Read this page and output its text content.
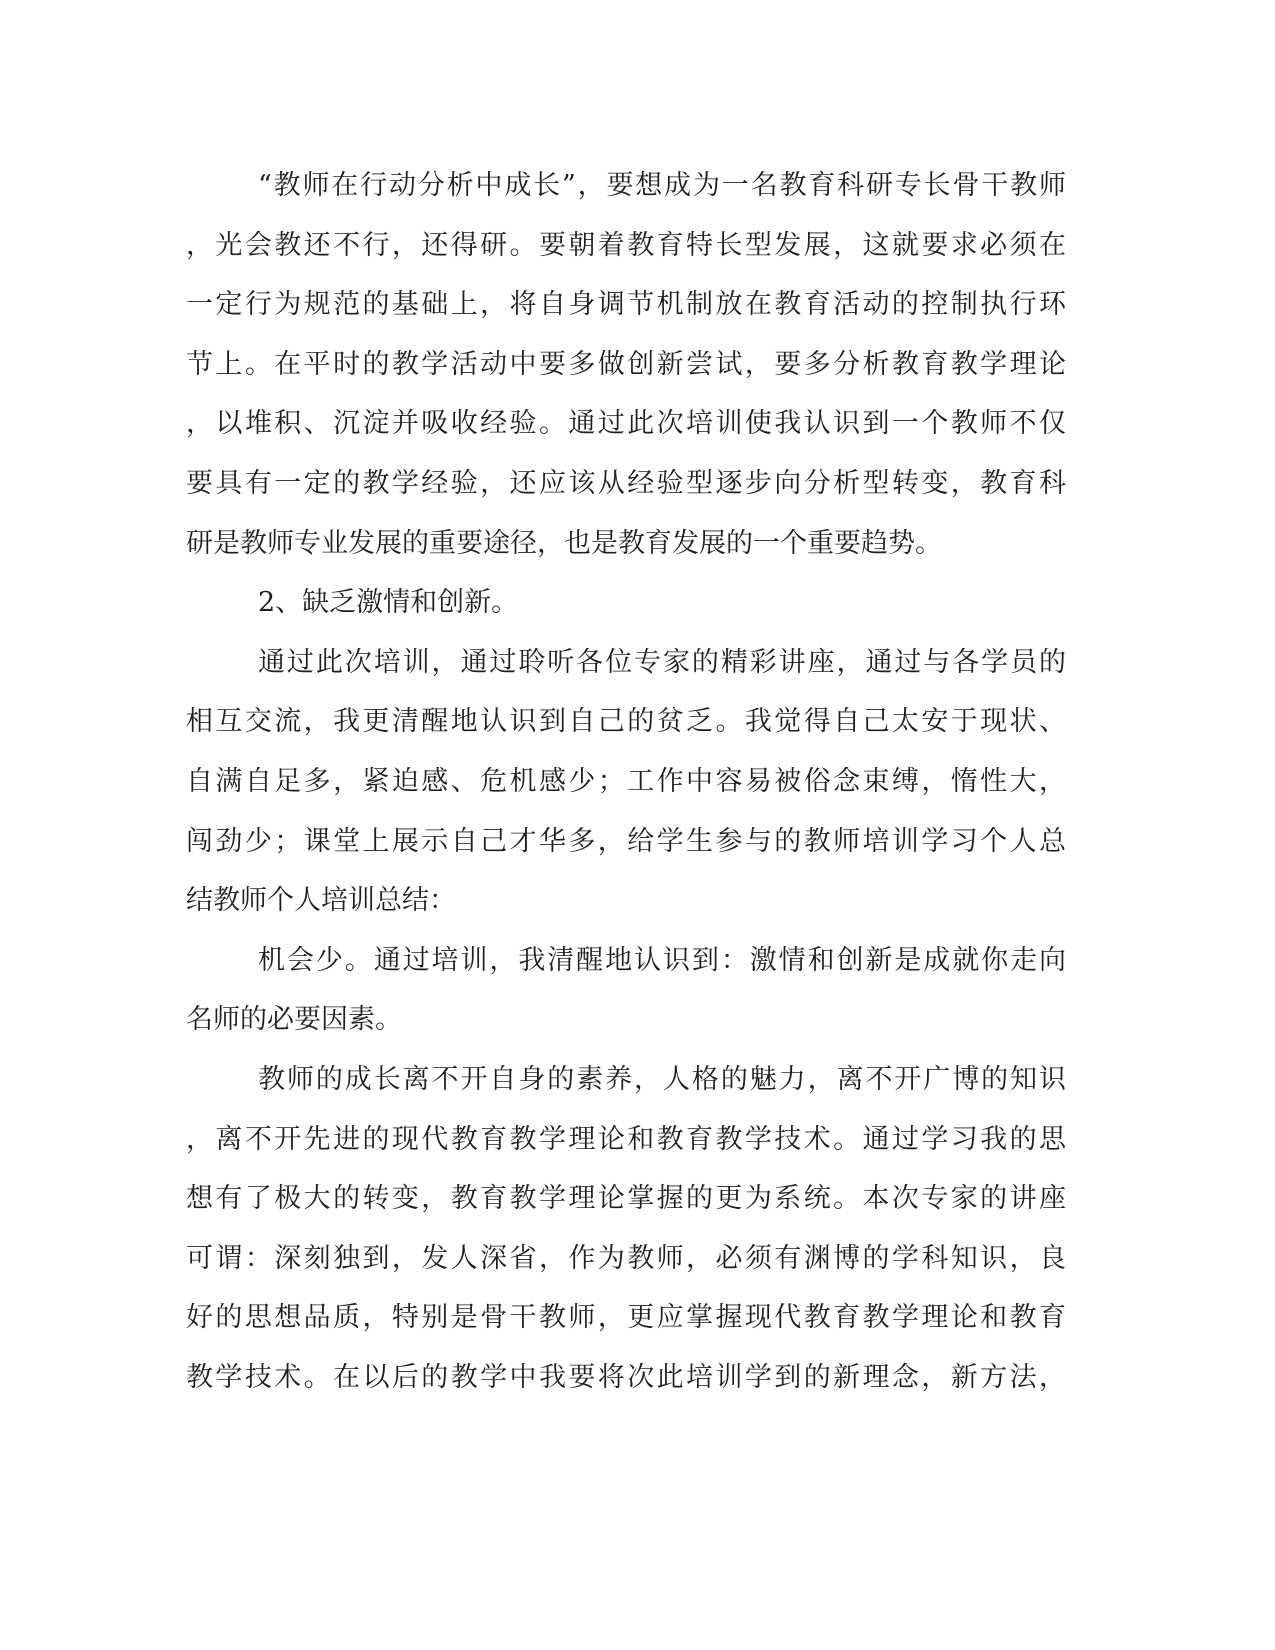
“教师在行动分析中成长”，要想成为一名教育科研专长骨干教师
，光会教还不行，还得研。要朝着教育特长型发展，这就要求必须在
一定行为规范的基础上，将自身调节机制放在教育活动的控制执行环
节上。在平时的教学活动中要多做创新尝试，要多分析教育教学理论
，以堆积、沉淀并吸收经验。通过此次培训使我认识到一个教师不仅
要具有一定的教学经验，还应该从经验型逐步向分析型转变，教育科
研是教师专业发展的重要途径，也是教育发展的一个重要趋势。
2、缺乏激情和创新。
通过此次培训，通过聆听各位专家的精彩讲座，通过与各学员的
相互交流，我更清醒地认识到自己的贫乏。我觉得自己太安于现状、
自满自足多，紧迫感、危机感少；工作中容易被俗念束缚，惰性大，
闯劲少；课堂上展示自己才华多，给学生参与的教师培训学习个人总
结教师个人培训总结：
机会少。通过培训，我清醒地认识到：激情和创新是成就你走向
名师的必要因素。
教师的成长离不开自身的素养，人格的魅力，离不开广博的知识
，离不开先进的现代教育教学理论和教育教学技术。通过学习我的思
想有了极大的转变，教育教学理论掌握的更为系统。本次专家的讲座
可谓：深刻独到，发人深省，作为教师，必须有渊博的学科知识，良
好的思想品质，特别是骨干教师，更应掌握现代教育教学理论和教育
教学技术。在以后的教学中我要将次此培训学到的新理念，新方法，
